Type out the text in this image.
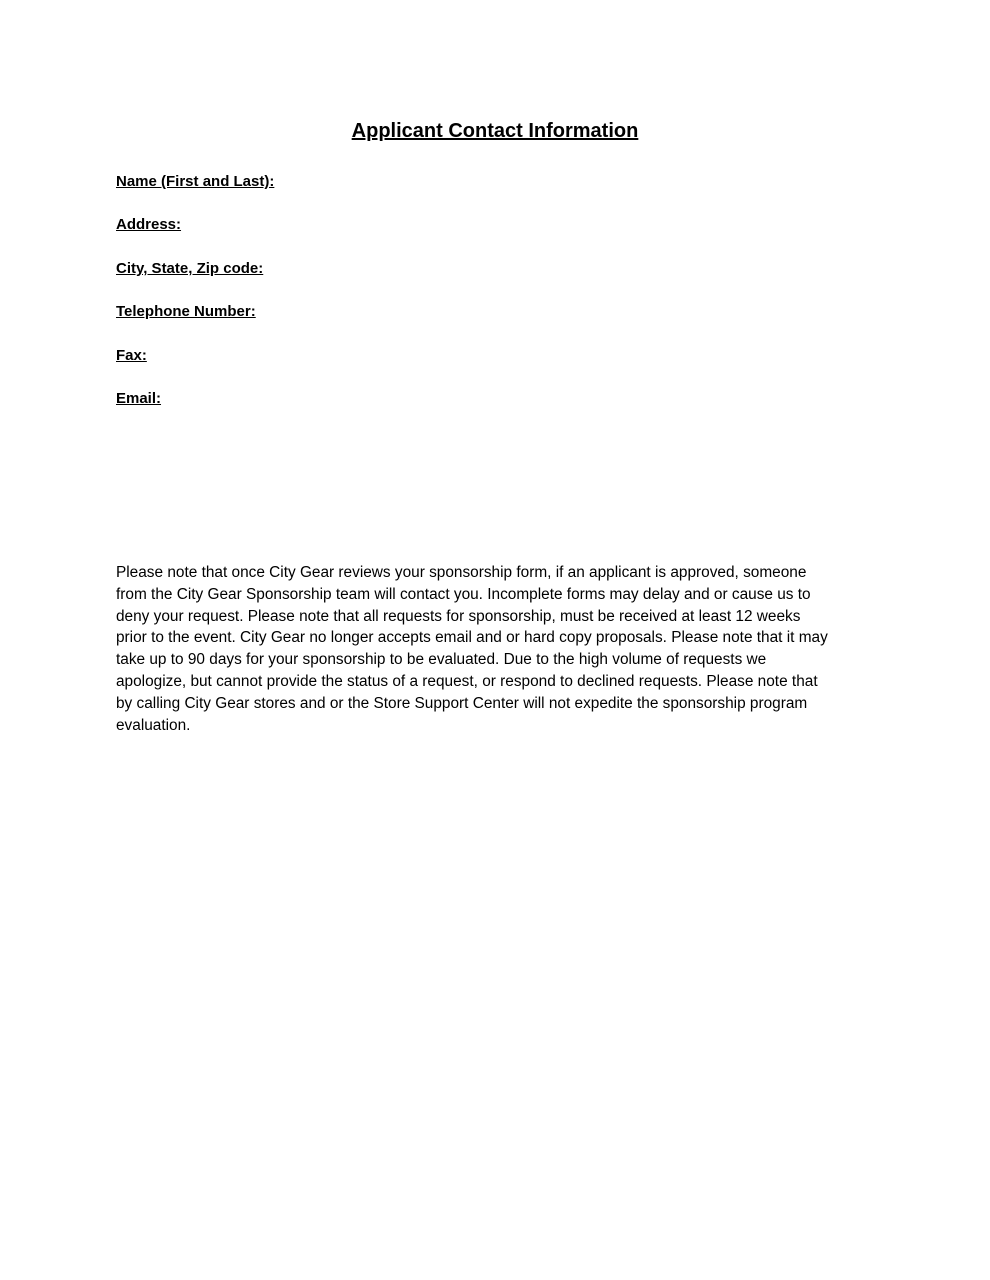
Applicant Contact Information
Name (First and Last):
Address:
City, State, Zip code:
Telephone Number:
Fax:
Email:

Please note that once City Gear reviews your sponsorship form, if an applicant is approved, someone
from the City Gear Sponsorship team will contact you. Incomplete forms may delay and or cause us to
deny your request. Please note that all requests for sponsorship, must be received at least 12 weeks
prior to the event. City Gear no longer accepts email and or hard copy proposals. Please note that it may
take up to 90 days for your sponsorship to be evaluated. Due to the high volume of requests we
apologize, but cannot provide the status of a request, or respond to declined requests. Please note that
by calling City Gear stores and or the Store Support Center will not expedite the sponsorship program
evaluation.
